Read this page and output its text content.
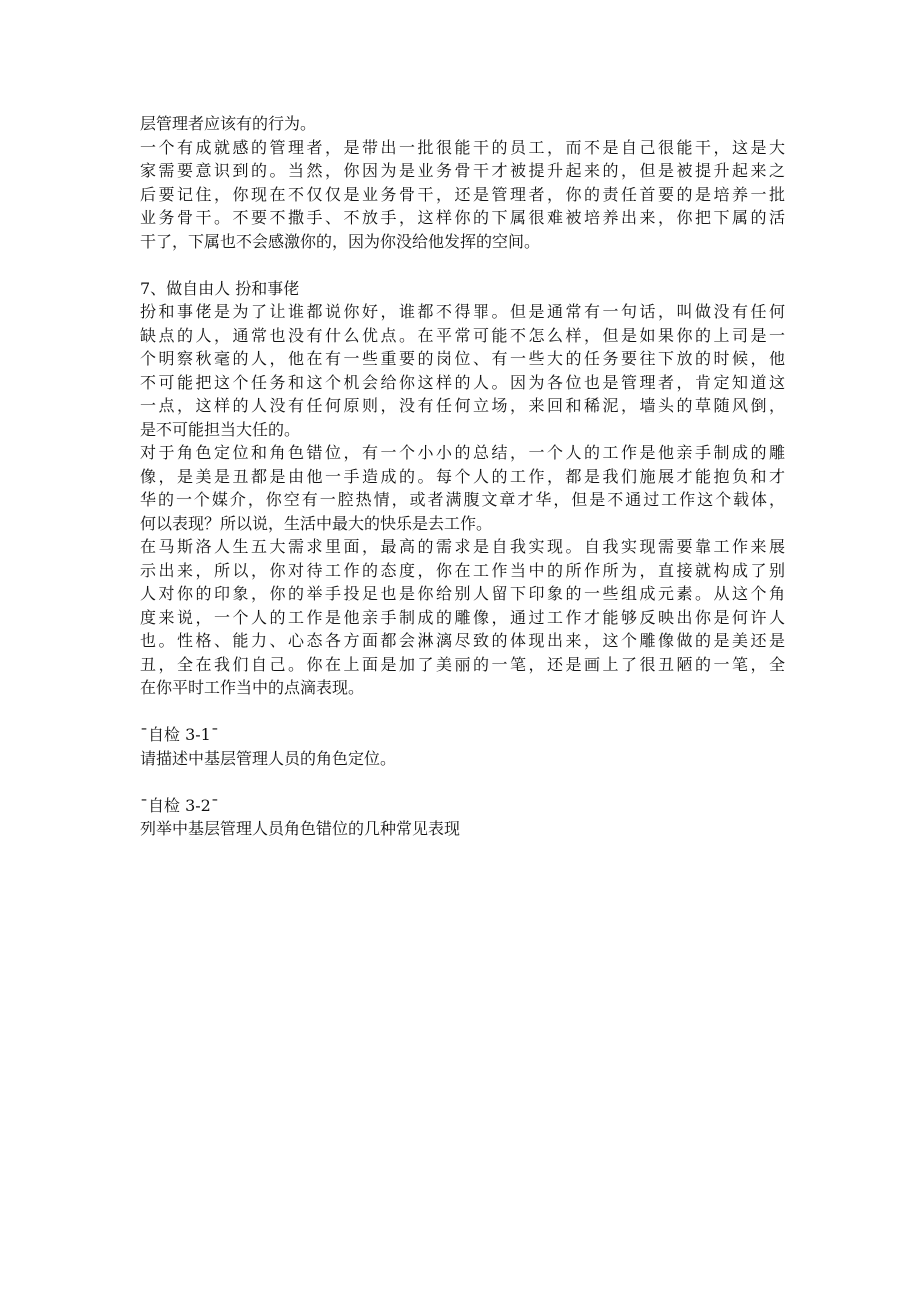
层管理者应该有的行为。
一个有成就感的管理者，是带出一批很能干的员工，而不是自己很能干，这是大
家需要意识到的。当然，你因为是业务骨干才被提升起来的，但是被提升起来之
后要记住，你现在不仅仅是业务骨干，还是管理者，你的责任首要的是培养一批
业务骨干。不要不撒手、不放手，这样你的下属很难被培养出来，你把下属的活
干了，下属也不会感激你的，因为你没给他发挥的空间。
7、做自由人 扮和事佬
扮和事佬是为了让谁都说你好，谁都不得罪。但是通常有一句话，叫做没有任何
缺点的人，通常也没有什么优点。在平常可能不怎么样，但是如果你的上司是一
个明察秋毫的人，他在有一些重要的岗位、有一些大的任务要往下放的时候，他
不可能把这个任务和这个机会给你这样的人。因为各位也是管理者，肯定知道这
一点，这样的人没有任何原则，没有任何立场，来回和稀泥，墙头的草随风倒，
是不可能担当大任的。
对于角色定位和角色错位，有一个小小的总结，一个人的工作是他亲手制成的雕
像，是美是丑都是由他一手造成的。每个人的工作，都是我们施展才能抱负和才
华的一个媒介，你空有一腔热情，或者满腹文章才华，但是不通过工作这个载体，
何以表现？所以说，生活中最大的快乐是去工作。
在马斯洛人生五大需求里面，最高的需求是自我实现。自我实现需要靠工作来展
示出来，所以，你对待工作的态度，你在工作当中的所作所为，直接就构成了别
人对你的印象，你的举手投足也是你给别人留下印象的一些组成元素。从这个角
度来说，一个人的工作是他亲手制成的雕像，通过工作才能够反映出你是何许人
也。性格、能力、心态各方面都会淋漓尽致的体现出来，这个雕像做的是美还是
丑，全在我们自己。你在上面是加了美丽的一笔，还是画上了很丑陋的一笔，全
在你平时工作当中的点滴表现。
¯自检 3-1¯
请描述中基层管理人员的角色定位。
¯自检 3-2¯
列举中基层管理人员角色错位的几种常见表现
